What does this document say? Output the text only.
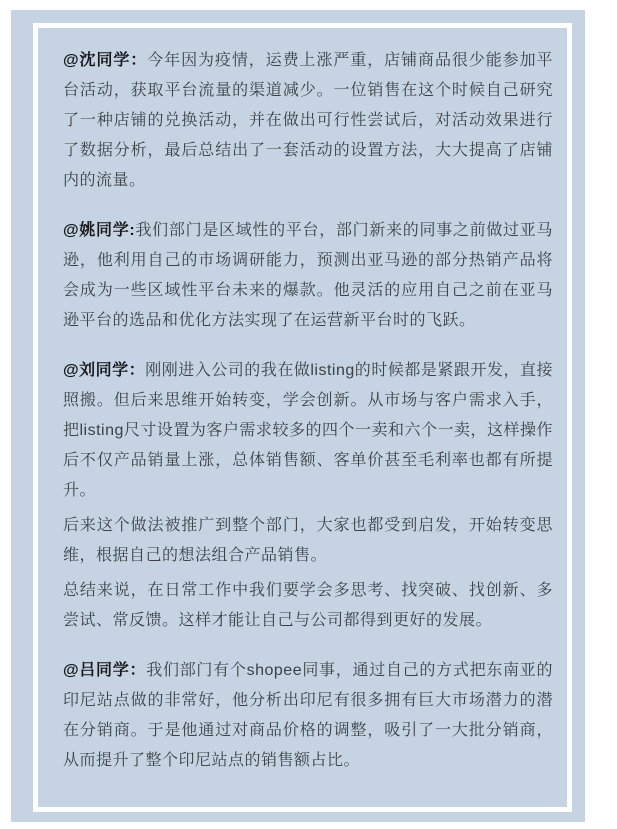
@沈同学：今年因为疫情，运费上涨严重，店铺商品很少能参加平台活动，获取平台流量的渠道减少。一位销售在这个时候自己研究了一种店铺的兑换活动，并在做出可行性尝试后，对活动效果进行了数据分析，最后总结出了一套活动的设置方法，大大提高了店铺内的流量。

@姚同学:我们部门是区域性的平台，部门新来的同事之前做过亚马逊，他利用自己的市场调研能力，预测出亚马逊的部分热销产品将会成为一些区域性平台未来的爆款。他灵活的应用自己之前在亚马逊平台的选品和优化方法实现了在运营新平台时的飞跃。

@刘同学：刚刚进入公司的我在做listing的时候都是紧跟开发，直接照搬。但后来思维开始转变，学会创新。从市场与客户需求入手，把listing尺寸设置为客户需求较多的四个一卖和六个一卖，这样操作后不仅产品销量上涨，总体销售额、客单价甚至毛利率也都有所提升。

后来这个做法被推广到整个部门，大家也都受到启发，开始转变思维，根据自己的想法组合产品销售。

总结来说，在日常工作中我们要学会多思考、找突破、找创新、多尝试、常反馈。这样才能让自己与公司都得到更好的发展。

@吕同学：我们部门有个shopee同事，通过自己的方式把东南亚的印尼站点做的非常好，他分析出印尼有很多拥有巨大市场潜力的潜在分销商。于是他通过对商品价格的调整，吸引了一大批分销商，从而提升了整个印尼站点的销售额占比。
